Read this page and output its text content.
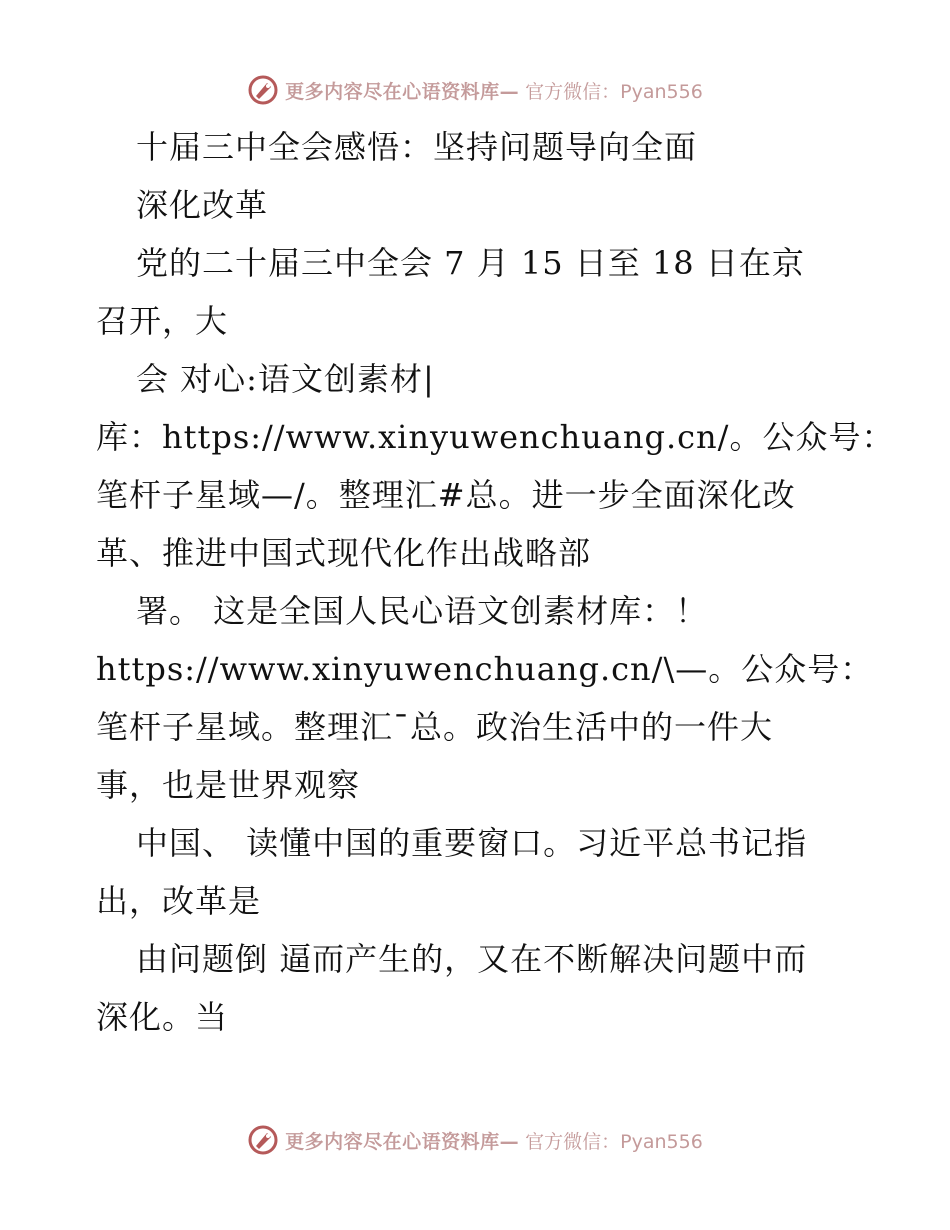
更多内容尽在心语资料库— 官方微信：Pyan556
十届三中全会感悟：坚持问题导向全面
深化改革
党的二十届三中全会 7 月 15 日至 18 日在京
召开，大
会 对心:语文创素材|
库：https://www.xinyuwenchuang.cn/。公众号：
笔杆子星域—/。整理汇#总。进一步全面深化改
革、推进中国式现代化作出战略部
署。 这是全国人民心语文创素材库：！
https://www.xinyuwenchuang.cn/\—。公众号：
笔杆子星域。整理汇¯总。政治生活中的一件大
事，也是世界观察
中国、 读懂中国的重要窗口。习近平总书记指
出，改革是
由问题倒 逼而产生的，又在不断解决问题中而
深化。当
更多内容尽在心语资料库— 官方微信：Pyan556
